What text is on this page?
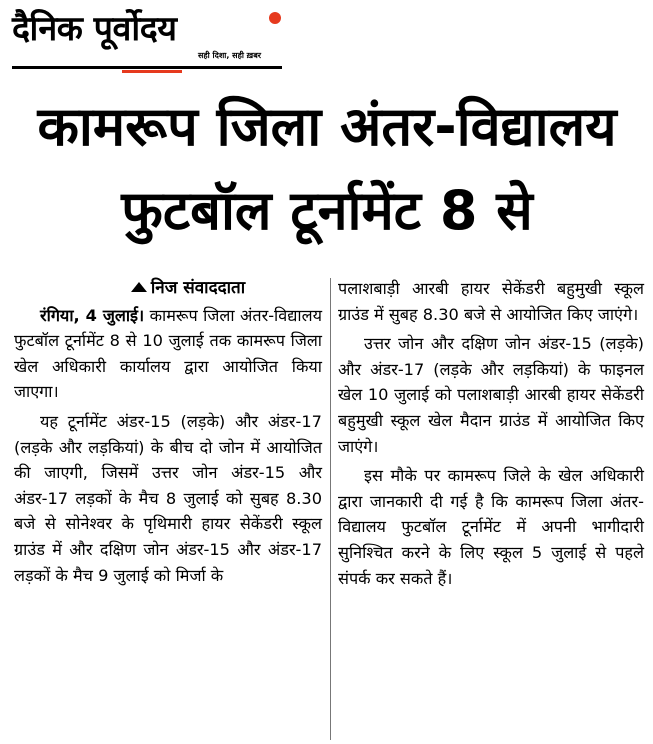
दैनिक पूर्वोदय
सही दिशा, सही ख़बर
कामरूप जिला अंतर-विद्यालय
फुटबॉल टूर्नामेंट 8 से
निज संवाददाता

रंगिया, 4 जुलाई। कामरूप जिला अंतर-विद्यालय फुटबॉल टूर्नामेंट 8 से 10 जुलाई तक कामरूप जिला खेल अधिकारी कार्यालय द्वारा आयोजित किया जाएगा।

यह टूर्नामेंट अंडर-15 (लड़के) और अंडर-17 (लड़के और लड़कियां) के बीच दो जोन में आयोजित की जाएगी, जिसमें उत्तर जोन अंडर-15 और अंडर-17 लड़कों के मैच 8 जुलाई को सुबह 8.30 बजे से सोनेश्वर के पृथिमारी हायर सेकेंडरी स्कूल ग्राउंड में और दक्षिण जोन अंडर-15 और अंडर-17 लड़कों के मैच 9 जुलाई को मिर्जा के

पलाशबाड़ी आरबी हायर सेकेंडरी बहुमुखी स्कूल ग्राउंड में सुबह 8.30 बजे से आयोजित किए जाएंगे।

उत्तर जोन और दक्षिण जोन अंडर-15 (लड़के) और अंडर-17 (लड़के और लड़कियां) के फाइनल खेल 10 जुलाई को पलाशबाड़ी आरबी हायर सेकेंडरी बहुमुखी स्कूल खेल मैदान ग्राउंड में आयोजित किए जाएंगे।

इस मौके पर कामरूप जिले के खेल अधिकारी द्वारा जानकारी दी गई है कि कामरूप जिला अंतर-विद्यालय फुटबॉल टूर्नामेंट में अपनी भागीदारी सुनिश्चित करने के लिए स्कूल 5 जुलाई से पहले संपर्क कर सकते हैं।
